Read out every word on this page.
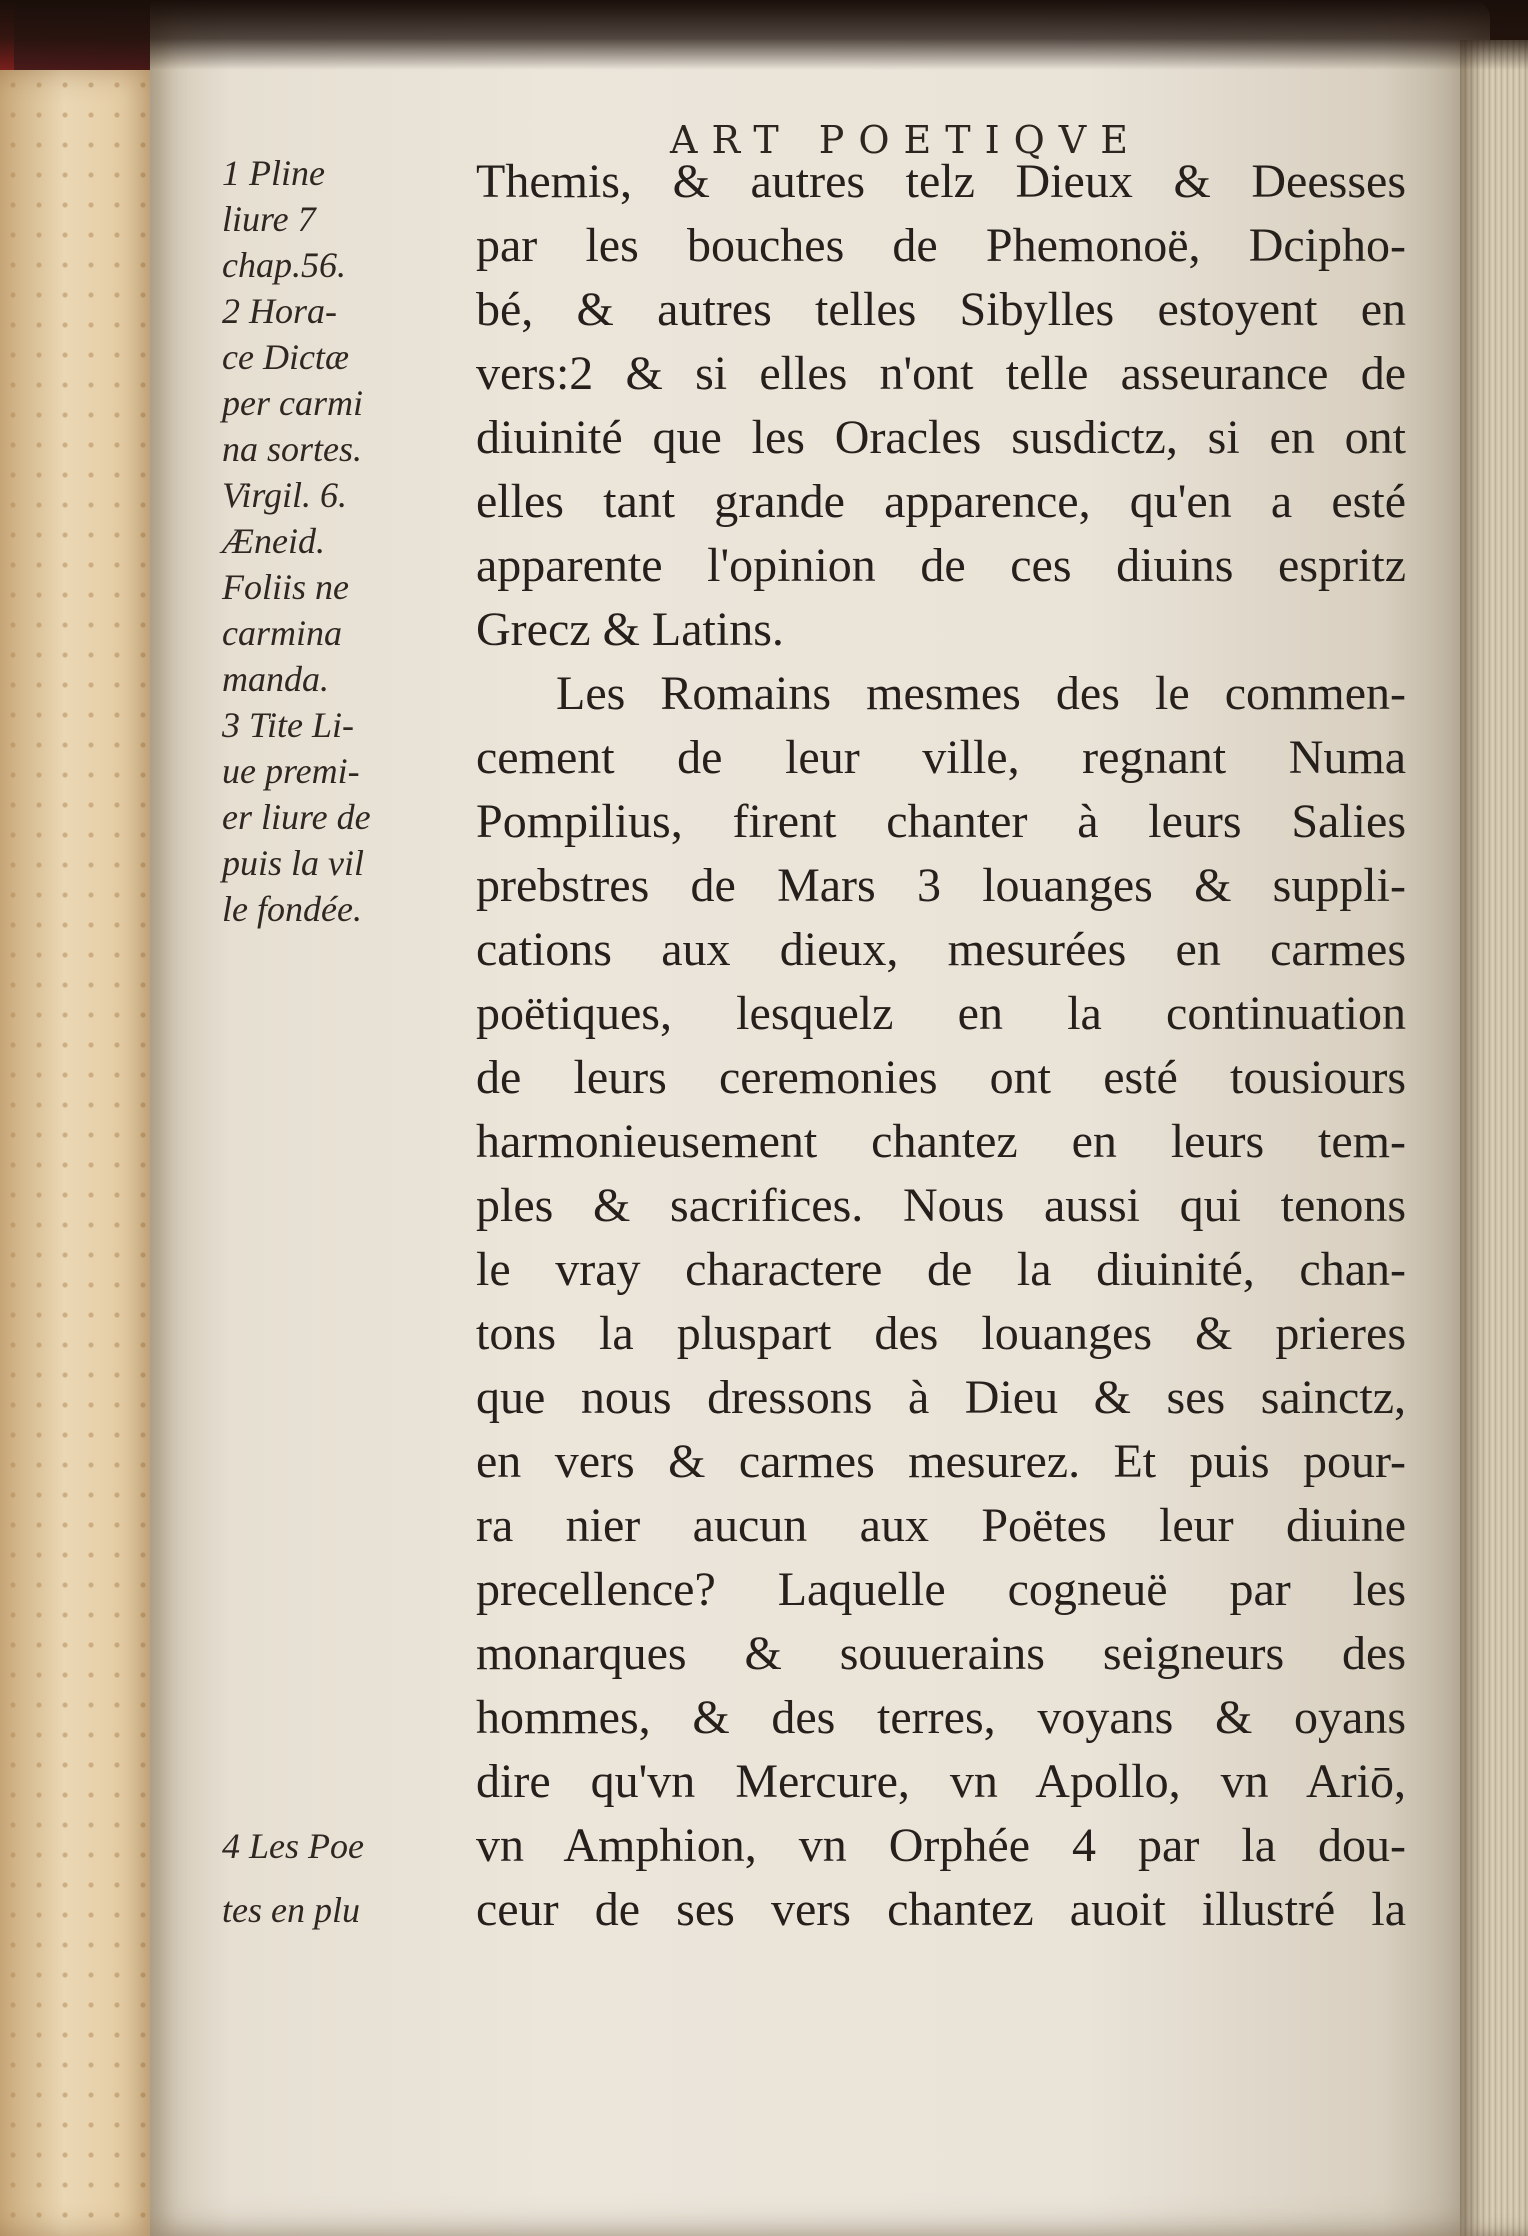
ART POETIQVE
1 Pline
liure 7
chap.56.
2 Hora-
ce Dictæ
per carmi
na sortes.
Virgil. 6.
Æneid.
Foliis ne
carmina
manda.
3 Tite Li-
ue premi-
er liure de
puis la vil
le fondée.
Themis, & autres telz Dieux & Deesses
par les bouches de Phemonoë, Dcipho-
bé, & autres telles Sibylles estoyent en
vers:2 & si elles n'ont telle asseurance de
diuinité que les Oracles susdictz, si en ont
elles tant grande apparence, qu'en a esté
apparente l'opinion de ces diuins espritz
Grecz & Latins.
Les Romains mesmes des le commen-
cement de leur ville, regnant Numa
Pompilius, firent chanter à leurs Salies
prebstres de Mars 3 louanges & suppli-
cations aux dieux, mesurées en carmes
poëtiques, lesquelz en la continuation
de leurs ceremonies ont esté tousiours
harmonieusement chantez en leurs tem-
ples & sacrifices. Nous aussi qui tenons
le vray charactere de la diuinité, chan-
tons la pluspart des louanges & prieres
que nous dressons à Dieu & ses sainctz,
en vers & carmes mesurez. Et puis pour-
ra nier aucun aux Poëtes leur diuine
precellence? Laquelle cogneuë par les
monarques & souuerains seigneurs des
hommes, & des terres, voyans & oyans
dire qu'vn Mercure, vn Apollo, vn Ariō,
vn Amphion, vn Orphée 4 par la dou-
ceur de ses vers chantez auoit illustré la
4 Les Poe
tes en plu
